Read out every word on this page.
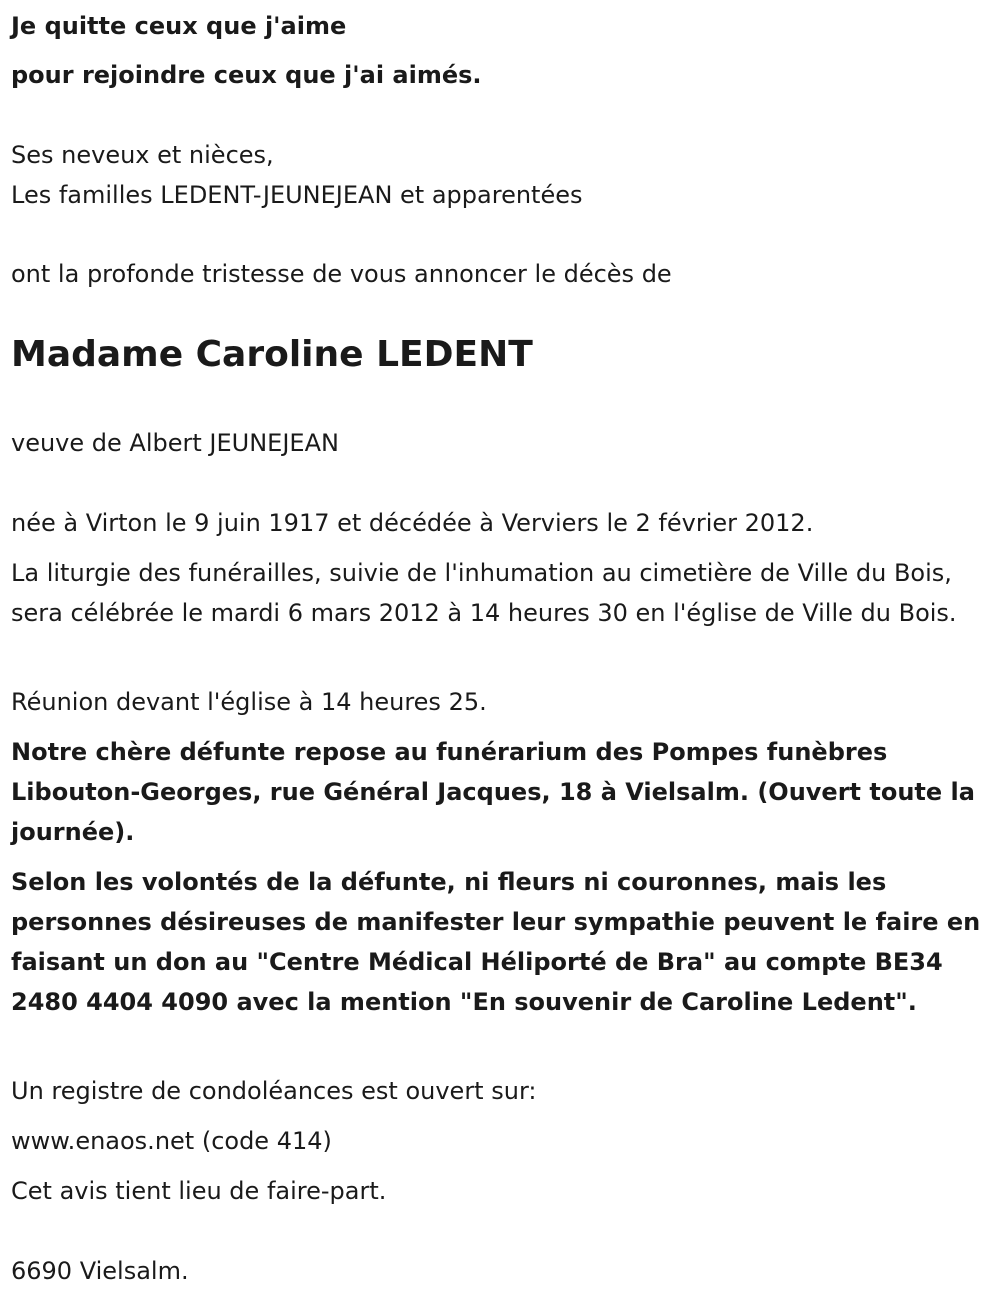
Je quitte ceux que j'aime
pour rejoindre ceux que j'ai aimés.
Ses neveux et nièces,
Les familles LEDENT-JEUNEJEAN et apparentées
ont la profonde tristesse de vous annoncer le décès de
Madame Caroline LEDENT
veuve de Albert JEUNEJEAN
née à Virton le 9 juin 1917 et décédée à Verviers le 2 février 2012.
La liturgie des funérailles, suivie de l'inhumation au cimetière de Ville du Bois, sera célébrée le mardi 6 mars 2012 à 14 heures 30 en l'église de Ville du Bois.
Réunion devant l'église à 14 heures 25.
Notre chère défunte repose au funérarium des Pompes funèbres Libouton-Georges, rue Général Jacques, 18 à Vielsalm. (Ouvert toute la journée).
Selon les volontés de la défunte, ni fleurs ni couronnes, mais les personnes désireuses de manifester leur sympathie peuvent le faire en faisant un don au "Centre Médical Héliporté de Bra" au compte BE34 2480 4404 4090 avec la mention "En souvenir de Caroline Ledent".
Un registre de condoléances est ouvert sur:
www.enaos.net (code 414)
Cet avis tient lieu de faire-part.
6690 Vielsalm.
